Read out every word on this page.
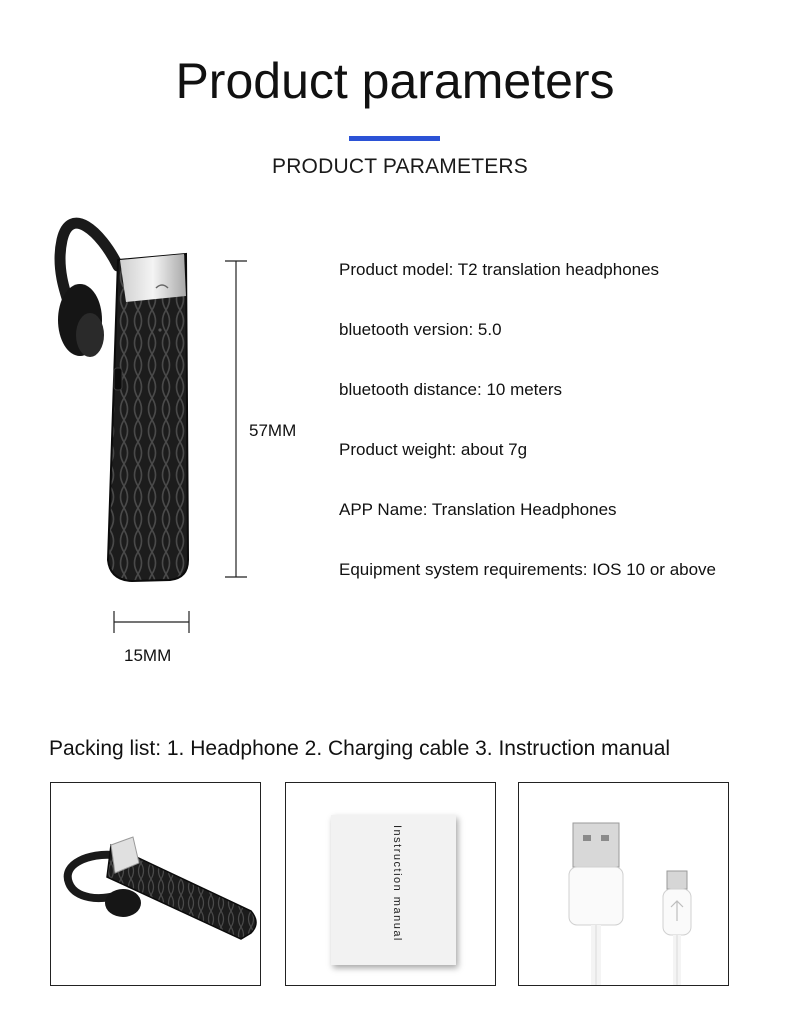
Product parameters
PRODUCT PARAMETERS
57MM
15MM
Product model: T2 translation headphones
bluetooth version: 5.0
bluetooth distance: 10 meters
Product weight: about 7g
APP Name: Translation Headphones
Equipment system requirements: IOS 10 or above
Packing list: 1. Headphone 2. Charging cable 3. Instruction manual
Instruction manual
